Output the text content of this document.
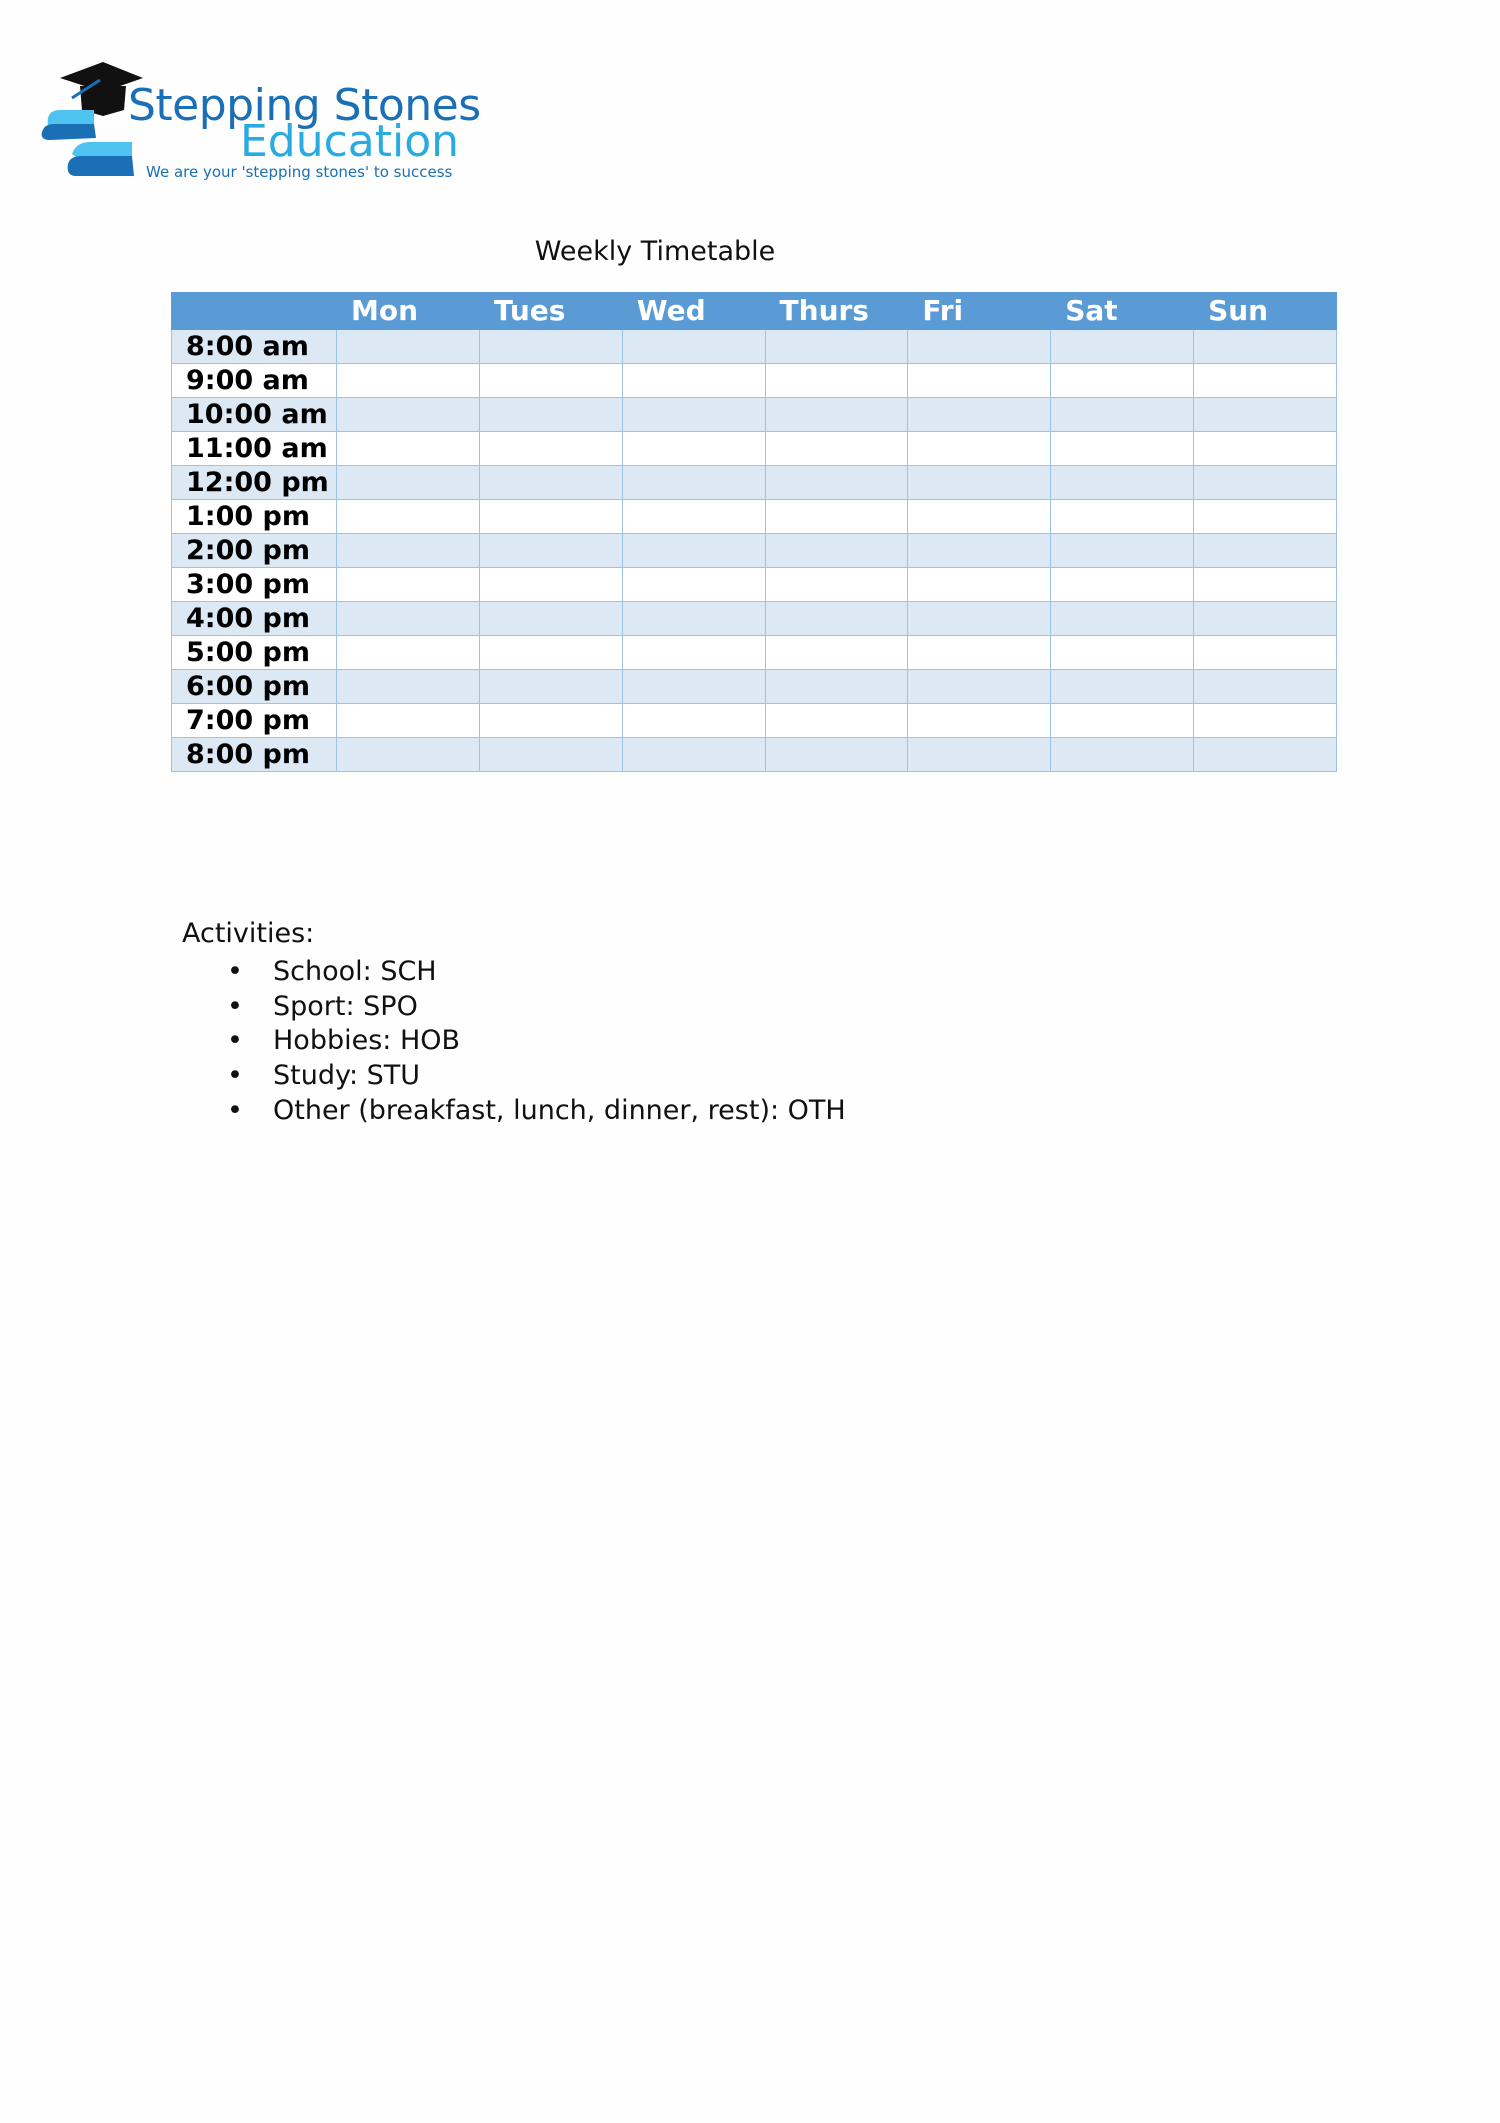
Stepping Stones
Education
We are your 'stepping stones' to success
Weekly Timetable
	Mon	Tues	Wed	Thurs	Fri	Sat	Sun
8:00 am							
9:00 am							
10:00 am							
11:00 am							
12:00 pm							
1:00 pm							
2:00 pm							
3:00 pm							
4:00 pm							
5:00 pm							
6:00 pm							
7:00 pm							
8:00 pm							
Activities:
• School: SCH
• Sport: SPO
• Hobbies: HOB
• Study: STU
• Other (breakfast, lunch, dinner, rest): OTH
